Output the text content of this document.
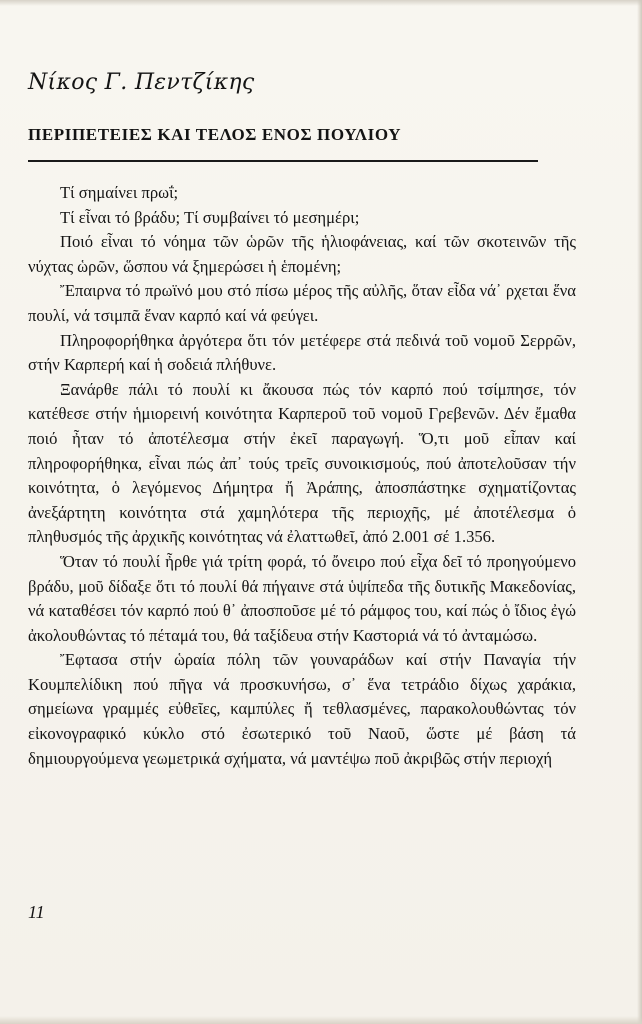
Νίκος Γ. Πεντζίκης
ΠΕΡΙΠΕΤΕΙΕΣ ΚΑΙ ΤΕΛΟΣ ΕΝΟΣ ΠΟΥΛΙΟΥ

Τί σημαίνει πρωΐ;

Τί εἶναι τό βράδυ; Τί συμβαίνει τό μεσημέρι;

Ποιό εἶναι τό νόημα τῶν ὡρῶν τῆς ἡλιοφάνειας, καί τῶν σκοτεινῶν τῆς νύχτας ὡρῶν, ὥσπου νά ξημερώσει ἡ ἑπομένη;

Ἔπαιρνα τό πρωϊνό μου στό πίσω μέρος τῆς αὐλῆς, ὅταν εἶδα νά᾽ ρχεται ἕνα πουλί, νά τσιμπᾶ ἕναν καρπό καί νά φεύγει.

Πληροφορήθηκα ἀργότερα ὅτι τόν μετέφερε στά πεδινά τοῦ νομοῦ Σερρῶν, στήν Καρπερή καί ἡ σοδειά πλήθυνε.

Ξανάρθε πάλι τό πουλί κι ἄκουσα πώς τόν καρπό πού τσίμπησε, τόν κατέθεσε στήν ἡμιορεινή κοινότητα Καρπεροῦ τοῦ νομοῦ Γρεβενῶν. Δέν ἔμαθα ποιό ἦταν τό ἀποτέλεσμα στήν ἐκεῖ παραγωγή. Ὅ,τι μοῦ εἶπαν καί πληροφορήθηκα, εἶναι πώς ἀπ᾽ τούς τρεῖς συνοικισμούς, πού ἀποτελοῦσαν τήν κοινότητα, ὁ λεγόμενος Δήμητρα ἤ Ἀράπης, ἀποσπάστηκε σχηματίζοντας ἀνεξάρτητη κοινότητα στά χαμηλότερα τῆς περιοχῆς, μέ ἀποτέλεσμα ὁ πληθυσμός τῆς ἀρχικῆς κοινότητας νά ἐλαττωθεῖ, ἀπό 2.001 σέ 1.356.

Ὅταν τό πουλί ἦρθε γιά τρίτη φορά, τό ὄνειρο πού εἶχα δεῖ τό προηγούμενο βράδυ, μοῦ δίδαξε ὅτι τό πουλί θά πήγαινε στά ὑψίπεδα τῆς δυτικῆς Μακεδονίας, νά καταθέσει τόν καρπό πού θ᾽ ἀποσποῦσε μέ τό ράμφος του, καί πώς ὁ ἴδιος ἐγώ ἀκολουθώντας τό πέταμά του, θά ταξίδευα στήν Καστοριά νά τό ἀνταμώσω.

Ἔφτασα στήν ὡραία πόλη τῶν γουναράδων καί στήν Παναγία τήν Κουμπελίδικη πού πῆγα νά προσκυνήσω, σ᾽ ἕνα τετράδιο δίχως χαράκια, σημείωνα γραμμές εὐθεῖες, καμπύλες ἤ τεθλασμένες, παρακολουθώντας τόν εἰκονογραφικό κύκλο στό ἐσωτερικό τοῦ Ναοῦ, ὥστε μέ βάση τά δημιουργούμενα γεωμετρικά σχήματα, νά μαντέψω ποῦ ἀκριβῶς στήν περιοχή

11
